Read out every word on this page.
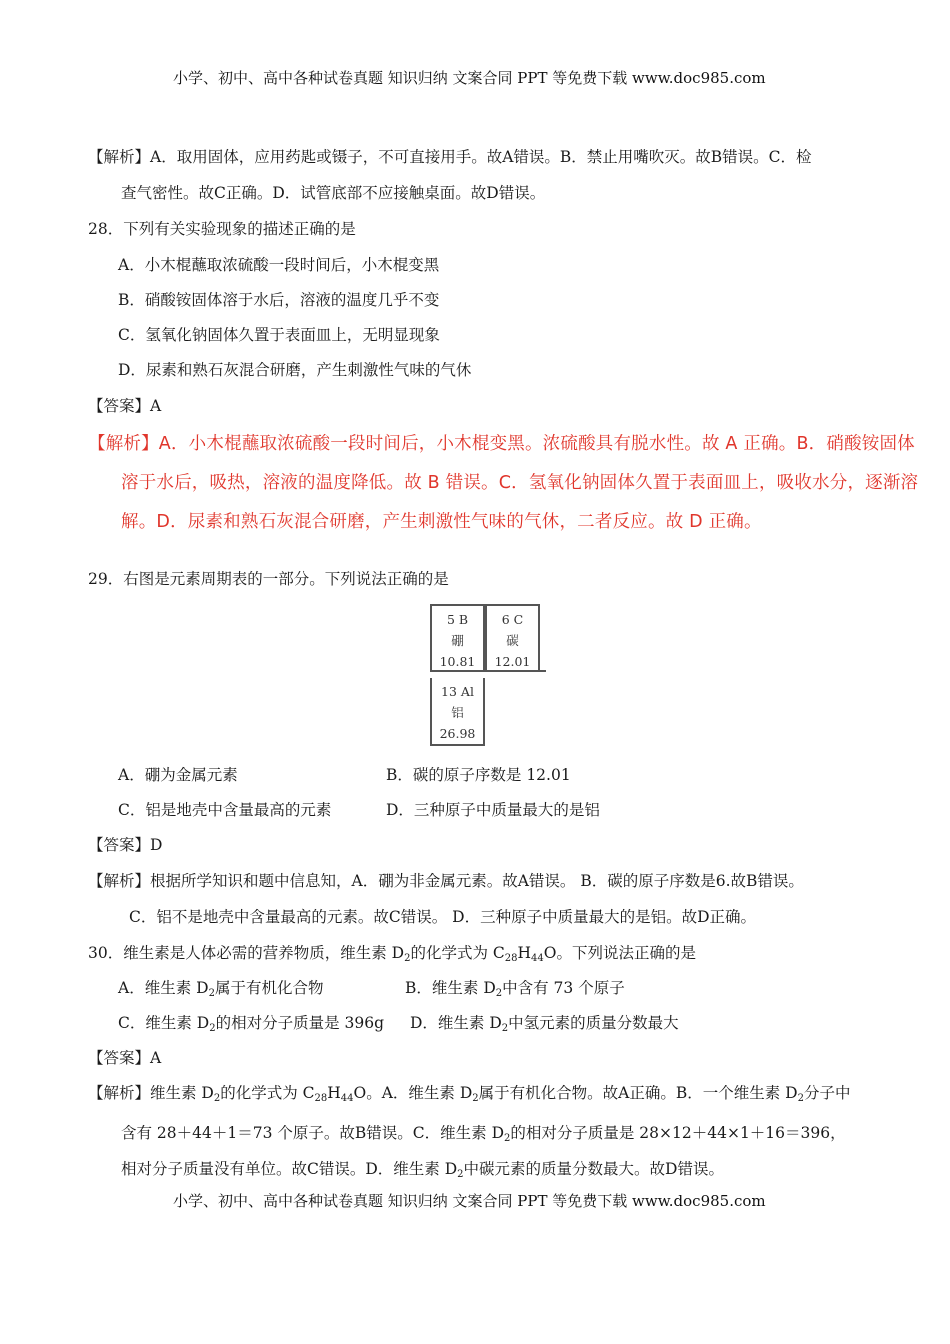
小学、初中、高中各种试卷真题 知识归纳 文案合同 PPT 等免费下载 www.doc985.com
【解析】A．取用固体，应用药匙或镊子，不可直接用手。故A错误。B．禁止用嘴吹灭。故B错误。C．检
查气密性。故C正确。D．试管底部不应接触桌面。故D错误。
28．下列有关实验现象的描述正确的是
A．小木棍蘸取浓硫酸一段时间后，小木棍变黑
B．硝酸铵固体溶于水后，溶液的温度几乎不变
C．氢氧化钠固体久置于表面皿上，无明显现象
D．尿素和熟石灰混合研磨，产生刺激性气味的气休
【答案】A
【解析】A．小木棍蘸取浓硫酸一段时间后，小木棍变黑。浓硫酸具有脱水性。故 A 正确。B．硝酸铵固体
溶于水后，吸热，溶液的温度降低。故 B 错误。C．氢氧化钠固体久置于表面皿上，吸收水分，逐渐溶
解。D．尿素和熟石灰混合研磨，产生刺激性气味的气休，二者反应。故 D 正确。
29．右图是元素周期表的一部分。下列说法正确的是
5 B
硼
10.81
6 C
碳
12.01
13 Al
铝
26.98
A．硼为金属元素	B．碳的原子序数是 12.01
C．铝是地壳中含量最高的元素	D．三种原子中质量最大的是铝
【答案】D
【解析】根据所学知识和题中信息知，A．硼为非金属元素。故A错误。 B．碳的原子序数是6.故B错误。
C．铝不是地壳中含量最高的元素。故C错误。 D．三种原子中质量最大的是铝。故D正确。
30．维生素是人体必需的营养物质，维生素 $D_2$的化学式为 $C_{28}H_{44}O$。下列说法正确的是
A．维生素 $D_2$属于有机化合物	B．维生素 $D_2$中含有 73 个原子
C．维生素 $D_2$的相对分子质量是 396g D．维生素 $D_2$中氢元素的质量分数最大
【答案】A
【解析】维生素 $D_2$的化学式为 $C_{28}H_{44}O$。A．维生素 $D_2$属于有机化合物。故A正确。B．一个维生素 $D_2$分子中
含有 28＋44＋1＝73 个原子。故B错误。C．维生素 $D_2$的相对分子质量是 28×12＋44×1＋16＝396，
相对分子质量没有单位。故C错误。D．维生素 $D_2$中碳元素的质量分数最大。故D错误。
小学、初中、高中各种试卷真题 知识归纳 文案合同 PPT 等免费下载 www.doc985.com
